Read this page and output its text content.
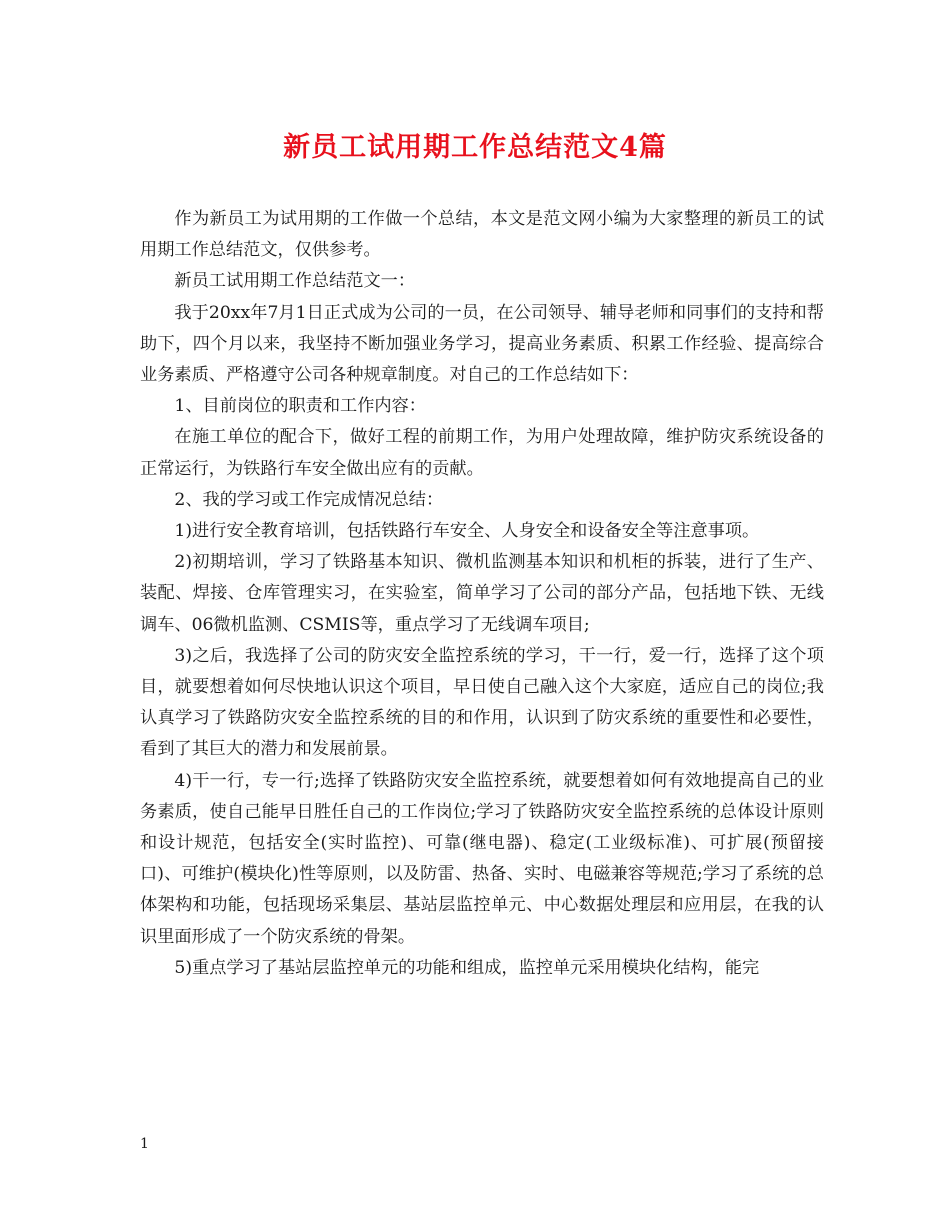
新员工试用期工作总结范文4篇

作为新员工为试用期的工作做一个总结，本文是范文网小编为大家整理的新员工的试用期工作总结范文，仅供参考。

新员工试用期工作总结范文一：

我于20xx年7月1日正式成为公司的一员，在公司领导、辅导老师和同事们的支持和帮助下，四个月以来，我坚持不断加强业务学习，提高业务素质、积累工作经验、提高综合业务素质、严格遵守公司各种规章制度。对自己的工作总结如下：

1、目前岗位的职责和工作内容：

在施工单位的配合下，做好工程的前期工作，为用户处理故障，维护防灾系统设备的正常运行，为铁路行车安全做出应有的贡献。

2、我的学习或工作完成情况总结：

1)进行安全教育培训，包括铁路行车安全、人身安全和设备安全等注意事项。

2)初期培训，学习了铁路基本知识、微机监测基本知识和机柜的拆装，进行了生产、装配、焊接、仓库管理实习，在实验室，简单学习了公司的部分产品，包括地下铁、无线调车、06微机监测、CSMIS等，重点学习了无线调车项目;

3)之后，我选择了公司的防灾安全监控系统的学习，干一行，爱一行，选择了这个项目，就要想着如何尽快地认识这个项目，早日使自己融入这个大家庭，适应自己的岗位;我认真学习了铁路防灾安全监控系统的目的和作用，认识到了防灾系统的重要性和必要性，看到了其巨大的潜力和发展前景。

4)干一行，专一行;选择了铁路防灾安全监控系统，就要想着如何有效地提高自己的业务素质，使自己能早日胜任自己的工作岗位;学习了铁路防灾安全监控系统的总体设计原则和设计规范，包括安全(实时监控)、可靠(继电器)、稳定(工业级标准)、可扩展(预留接口)、可维护(模块化)性等原则，以及防雷、热备、实时、电磁兼容等规范;学习了系统的总体架构和功能，包括现场采集层、基站层监控单元、中心数据处理层和应用层，在我的认识里面形成了一个防灾系统的骨架。

5)重点学习了基站层监控单元的功能和组成，监控单元采用模块化结构，能完

1
